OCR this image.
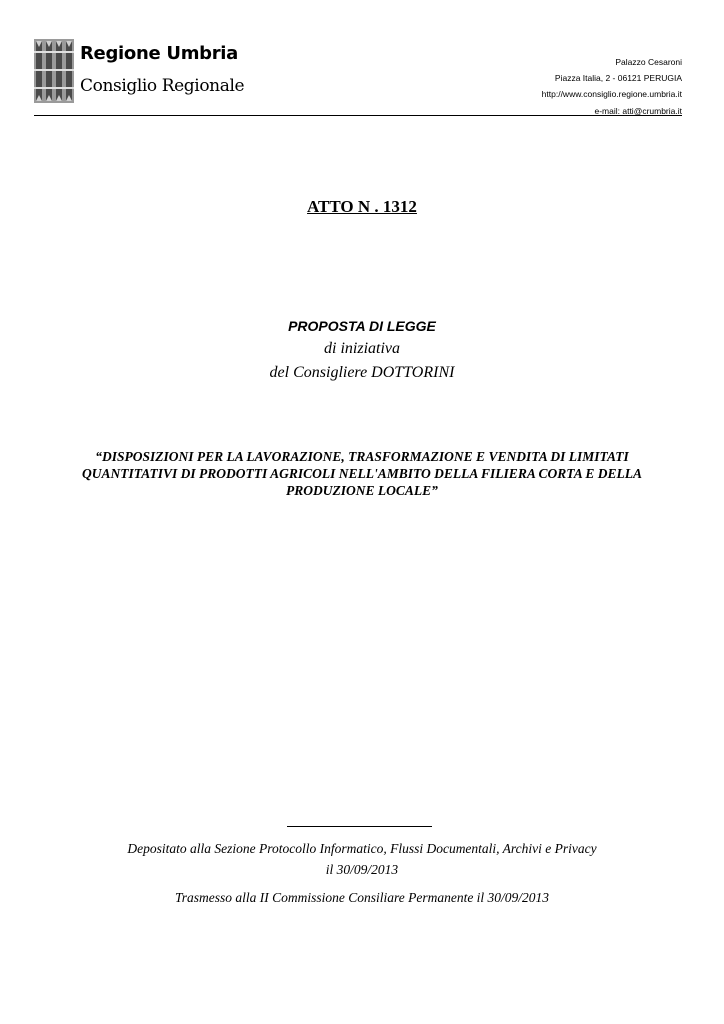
Regione Umbria
Consiglio Regionale
Palazzo Cesaroni
Piazza Italia, 2 - 06121 PERUGIA
http://www.consiglio.regione.umbria.it
e-mail: atti@crumbria.it
ATTO N . 1312
PROPOSTA DI LEGGE
di iniziativa
del Consigliere DOTTORINI
“DISPOSIZIONI PER LA LAVORAZIONE, TRASFORMAZIONE E VENDITA DI LIMITATI
QUANTITATIVI DI PRODOTTI AGRICOLI NELL'AMBITO DELLA FILIERA CORTA E DELLA
PRODUZIONE LOCALE”
Depositato alla Sezione Protocollo Informatico, Flussi Documentali, Archivi e Privacy
il 30/09/2013
Trasmesso alla II Commissione Consiliare Permanente il 30/09/2013
